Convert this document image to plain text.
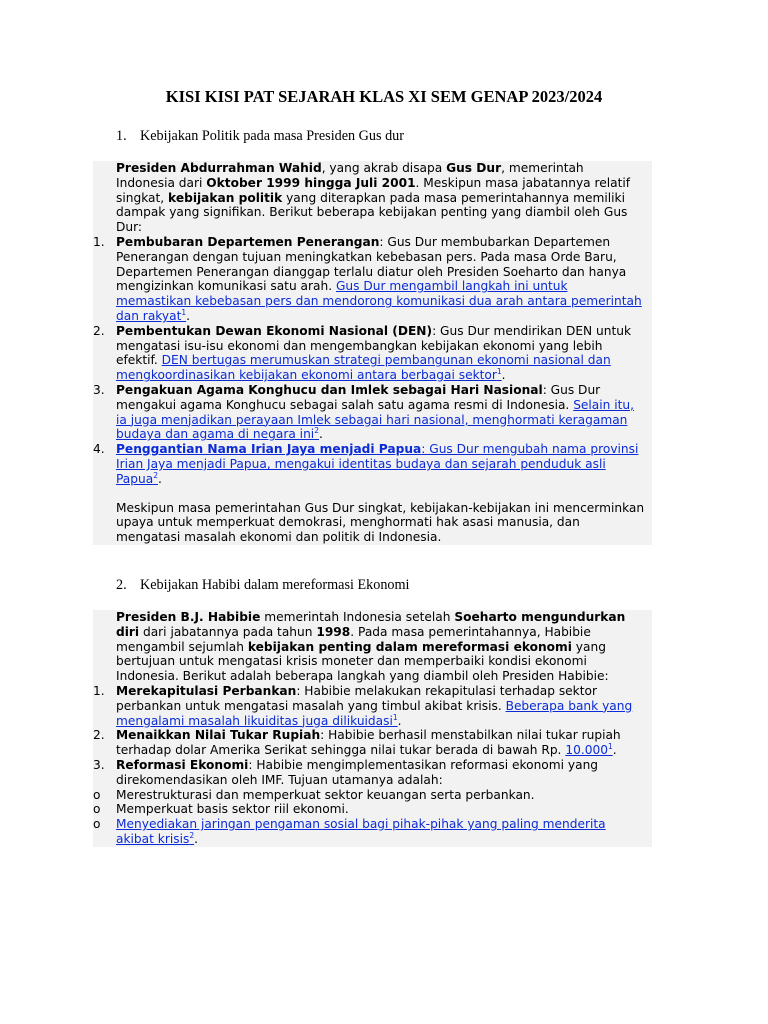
KISI KISI PAT SEJARAH KLAS XI SEM GENAP 2023/2024

1. Kebijakan Politik pada masa Presiden Gus dur

Presiden Abdurrahman Wahid, yang akrab disapa Gus Dur, memerintah Indonesia dari Oktober 1999 hingga Juli 2001. Meskipun masa jabatannya relatif singkat, kebijakan politik yang diterapkan pada masa pemerintahannya memiliki dampak yang signifikan. Berikut beberapa kebijakan penting yang diambil oleh Gus Dur:

1. Pembubaran Departemen Penerangan: Gus Dur membubarkan Departemen Penerangan dengan tujuan meningkatkan kebebasan pers. Pada masa Orde Baru, Departemen Penerangan dianggap terlalu diatur oleh Presiden Soeharto dan hanya mengizinkan komunikasi satu arah. Gus Dur mengambil langkah ini untuk memastikan kebebasan pers dan mendorong komunikasi dua arah antara pemerintah dan rakyat$^1$.
2. Pembentukan Dewan Ekonomi Nasional (DEN): Gus Dur mendirikan DEN untuk mengatasi isu-isu ekonomi dan mengembangkan kebijakan ekonomi yang lebih efektif. DEN bertugas merumuskan strategi pembangunan ekonomi nasional dan mengkoordinasikan kebijakan ekonomi antara berbagai sektor$^1$.
3. Pengakuan Agama Konghucu dan Imlek sebagai Hari Nasional: Gus Dur mengakui agama Konghucu sebagai salah satu agama resmi di Indonesia. Selain itu, ia juga menjadikan perayaan Imlek sebagai hari nasional, menghormati keragaman budaya dan agama di negara ini$^2$.
4. Penggantian Nama Irian Jaya menjadi Papua: Gus Dur mengubah nama provinsi Irian Jaya menjadi Papua, mengakui identitas budaya dan sejarah penduduk asli Papua$^2$.

Meskipun masa pemerintahan Gus Dur singkat, kebijakan-kebijakan ini mencerminkan upaya untuk memperkuat demokrasi, menghormati hak asasi manusia, dan mengatasi masalah ekonomi dan politik di Indonesia.

2. Kebijakan Habibi dalam mereformasi Ekonomi

Presiden B.J. Habibie memerintah Indonesia setelah Soeharto mengundurkan diri dari jabatannya pada tahun 1998. Pada masa pemerintahannya, Habibie mengambil sejumlah kebijakan penting dalam mereformasi ekonomi yang bertujuan untuk mengatasi krisis moneter dan memperbaiki kondisi ekonomi Indonesia. Berikut adalah beberapa langkah yang diambil oleh Presiden Habibie:

1. Merekapitulasi Perbankan: Habibie melakukan rekapitulasi terhadap sektor perbankan untuk mengatasi masalah yang timbul akibat krisis. Beberapa bank yang mengalami masalah likuiditas juga dilikuidasi$^1$.
2. Menaikkan Nilai Tukar Rupiah: Habibie berhasil menstabilkan nilai tukar rupiah terhadap dolar Amerika Serikat sehingga nilai tukar berada di bawah Rp. 10.000$^1$.
3. Reformasi Ekonomi: Habibie mengimplementasikan reformasi ekonomi yang direkomendasikan oleh IMF. Tujuan utamanya adalah:
o Merestrukturasi dan memperkuat sektor keuangan serta perbankan.
o Memperkuat basis sektor riil ekonomi.
o Menyediakan jaringan pengaman sosial bagi pihak-pihak yang paling menderita akibat krisis$^2$.
